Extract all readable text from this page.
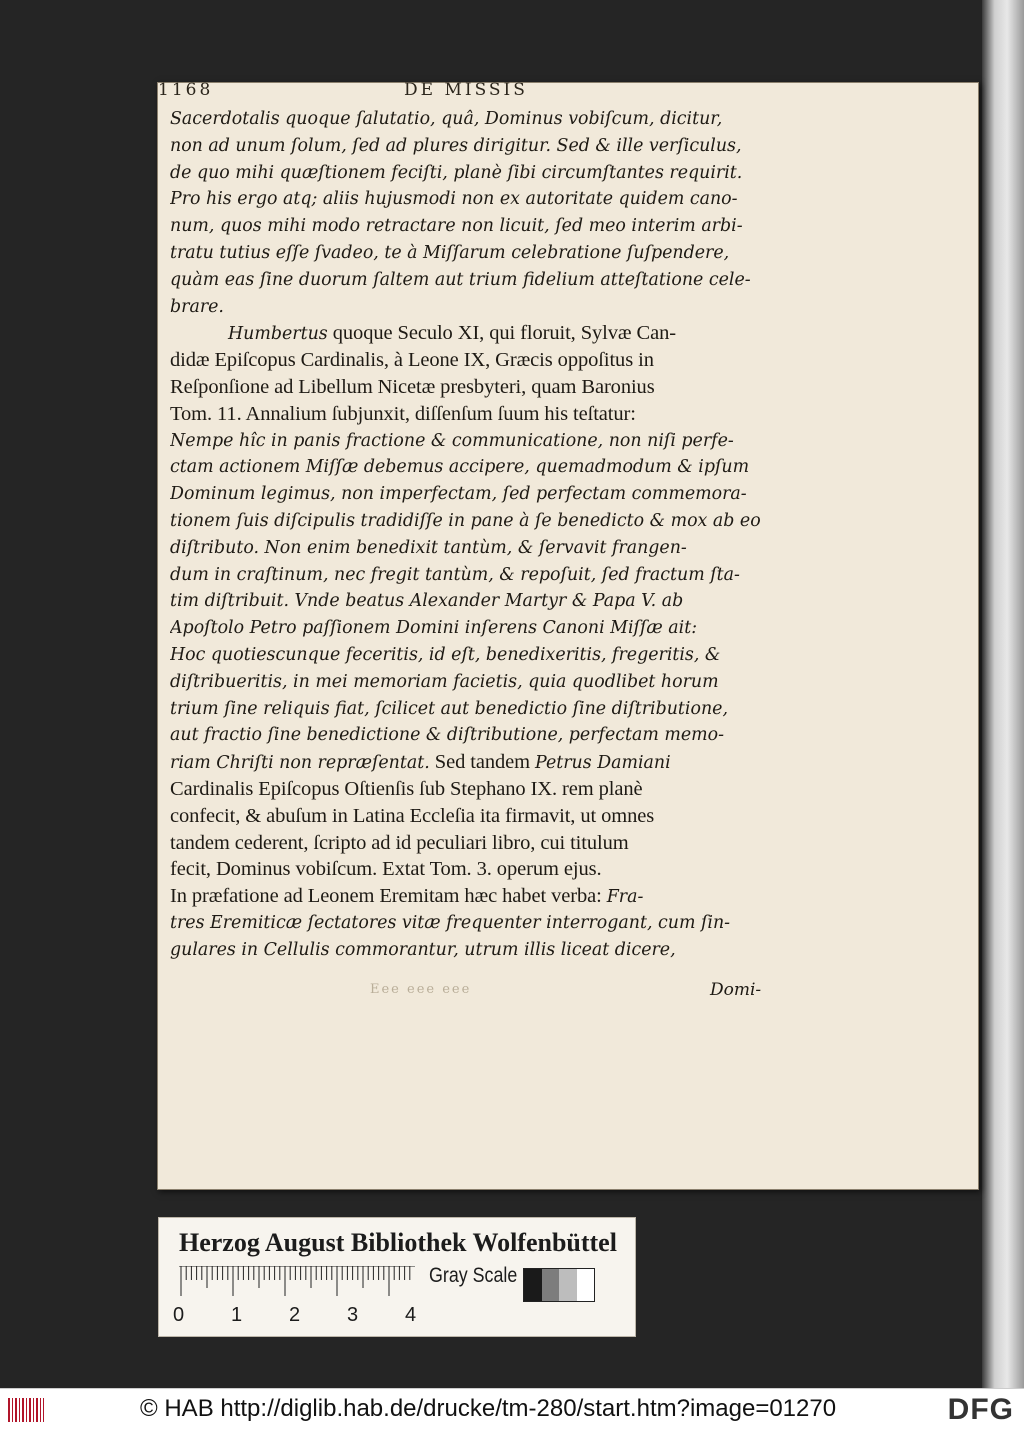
1168	DE MISSIS
Sacerdotalis quoque ſalutatio, quâ, Dominus vobiſcum, dicitur,
non ad unum ſolum, ſed ad plures dirigitur. Sed & ille verſiculus,
de quo mihi quæſtionem feciſti, planè ſibi circumſtantes requirit.
Pro his ergo atq; aliis hujusmodi non ex autoritate quidem cano-
num, quos mihi modo retractare non licuit, ſed meo interim arbi-
tratu tutius eſſe ſvadeo, te à Miſſarum celebratione ſuſpendere,
quàm eas ſine duorum ſaltem aut trium fidelium atteſtatione cele-
brare.
Humbertus quoque Seculo XI, qui floruit, Sylvæ Can-
didæ Epiſcopus Cardinalis, à Leone IX, Græcis oppoſitus in
Reſponſione ad Libellum Nicetæ presbyteri, quam Baronius
Tom. 11. Annalium ſubjunxit, diſſenſum ſuum his teſtatur:
Nempe hîc in panis fractione & communicatione, non niſi perfe-
ctam actionem Miſſæ debemus accipere, quemadmodum & ipſum
Dominum legimus, non imperfectam, ſed perfectam commemora-
tionem ſuis diſcipulis tradidiſſe in pane à ſe benedicto & mox ab eo
diſtributo. Non enim benedixit tantùm, & ſervavit frangen-
dum in craſtinum, nec fregit tantùm, & repoſuit, ſed fractum ſta-
tim diſtribuit. Vnde beatus Alexander Martyr & Papa V. ab
Apoſtolo Petro paſſionem Domini inſerens Canoni Miſſæ ait:
Hoc quotiescunque feceritis, id eſt, benedixeritis, fregeritis, &
diſtribueritis, in mei memoriam facietis, quia quodlibet horum
trium ſine reliquis fiat, ſcilicet aut benedictio ſine diſtributione,
aut fractio ſine benedictione & diſtributione, perfectam memo-
riam Chriſti non repræſentat. Sed tandem Petrus Damiani
Cardinalis Epiſcopus Oſtienſis ſub Stephano IX. rem planè
confecit, & abuſum in Latina Eccleſia ita firmavit, ut omnes
tandem cederent, ſcripto ad id peculiari libro, cui titulum
fecit, Dominus vobiſcum. Extat Tom. 3. operum ejus.
In præfatione ad Leonem Eremitam hæc habet verba: Fra-
tres Eremiticæ ſectatores vitæ frequenter interrogant, cum ſin-
gulares in Cellulis commorantur, utrum illis liceat dicere,
Eee eee eee	Domi-
Herzog August Bibliothek Wolfenbüttel
0 1 2 3 4
Gray Scale
© HAB http://diglib.hab.de/drucke/tm-280/start.htm?image=01270	DFG
